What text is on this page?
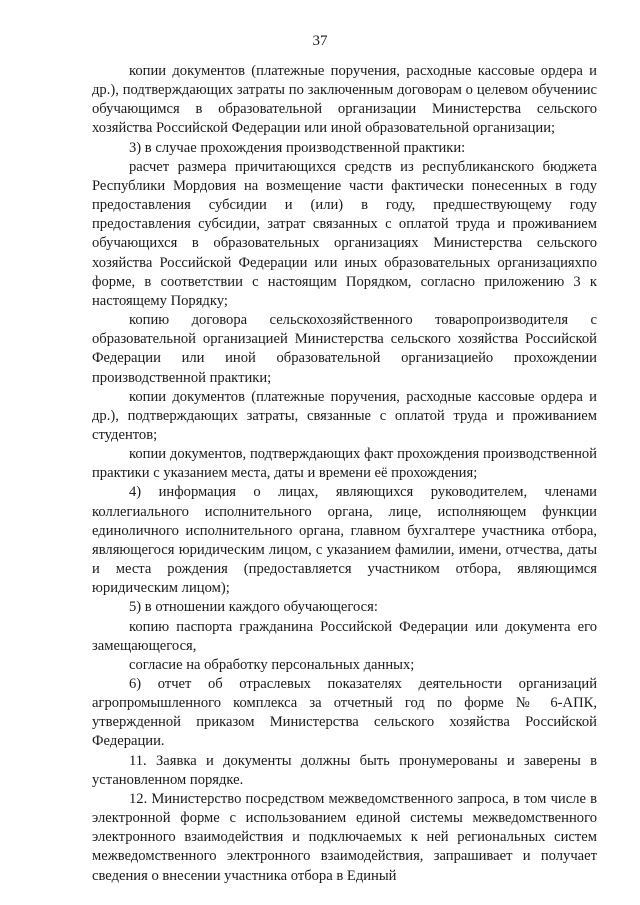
37

копии документов (платежные поручения, расходные кассовые ордера и др.), подтверждающих затраты по заключенным договорам о целевом обучениис обучающимся в образовательной организации Министерства сельского хозяйства Российской Федерации или иной образовательной организации;

3) в случае прохождения производственной практики:

расчет размера причитающихся средств из республиканского бюджета Республики Мордовия на возмещение части фактически понесенных в году предоставления субсидии и (или) в году, предшествующему году предоставления субсидии, затрат связанных с оплатой труда и проживанием обучающихся в образовательных организациях Министерства сельского хозяйства Российской Федерации или иных образовательных организацияхпо форме, в соответствии с настоящим Порядком, согласно приложению 3 к настоящему Порядку;

копию договора сельскохозяйственного товаропроизводителя с образовательной организацией Министерства сельского хозяйства Российской Федерации или иной образовательной организациейо прохождении производственной практики;

копии документов (платежные поручения, расходные кассовые ордера и др.), подтверждающих затраты, связанные с оплатой труда и проживанием студентов;

копии документов, подтверждающих факт прохождения производственной практики с указанием места, даты и времени её прохождения;

4) информация о лицах, являющихся руководителем, членами коллегиального исполнительного органа, лице, исполняющем функции единоличного исполнительного органа, главном бухгалтере участника отбора, являющегося юридическим лицом, с указанием фамилии, имени, отчества, даты и места рождения (предоставляется участником отбора, являющимся юридическим лицом);

5) в отношении каждого обучающегося:

копию паспорта гражданина Российской Федерации или документа его замещающегося,

согласие на обработку персональных данных;

6) отчет об отраслевых показателях деятельности организаций агропромышленного комплекса за отчетный год по форме № 6-АПК, утвержденной приказом Министерства сельского хозяйства Российской Федерации.

11. Заявка и документы должны быть пронумерованы и заверены в установленном порядке.

12. Министерство посредством межведомственного запроса, в том числе в электронной форме с использованием единой системы межведомственного электронного взаимодействия и подключаемых к ней региональных систем межведомственного электронного взаимодействия, запрашивает и получает сведения о внесении участника отбора в Единый
